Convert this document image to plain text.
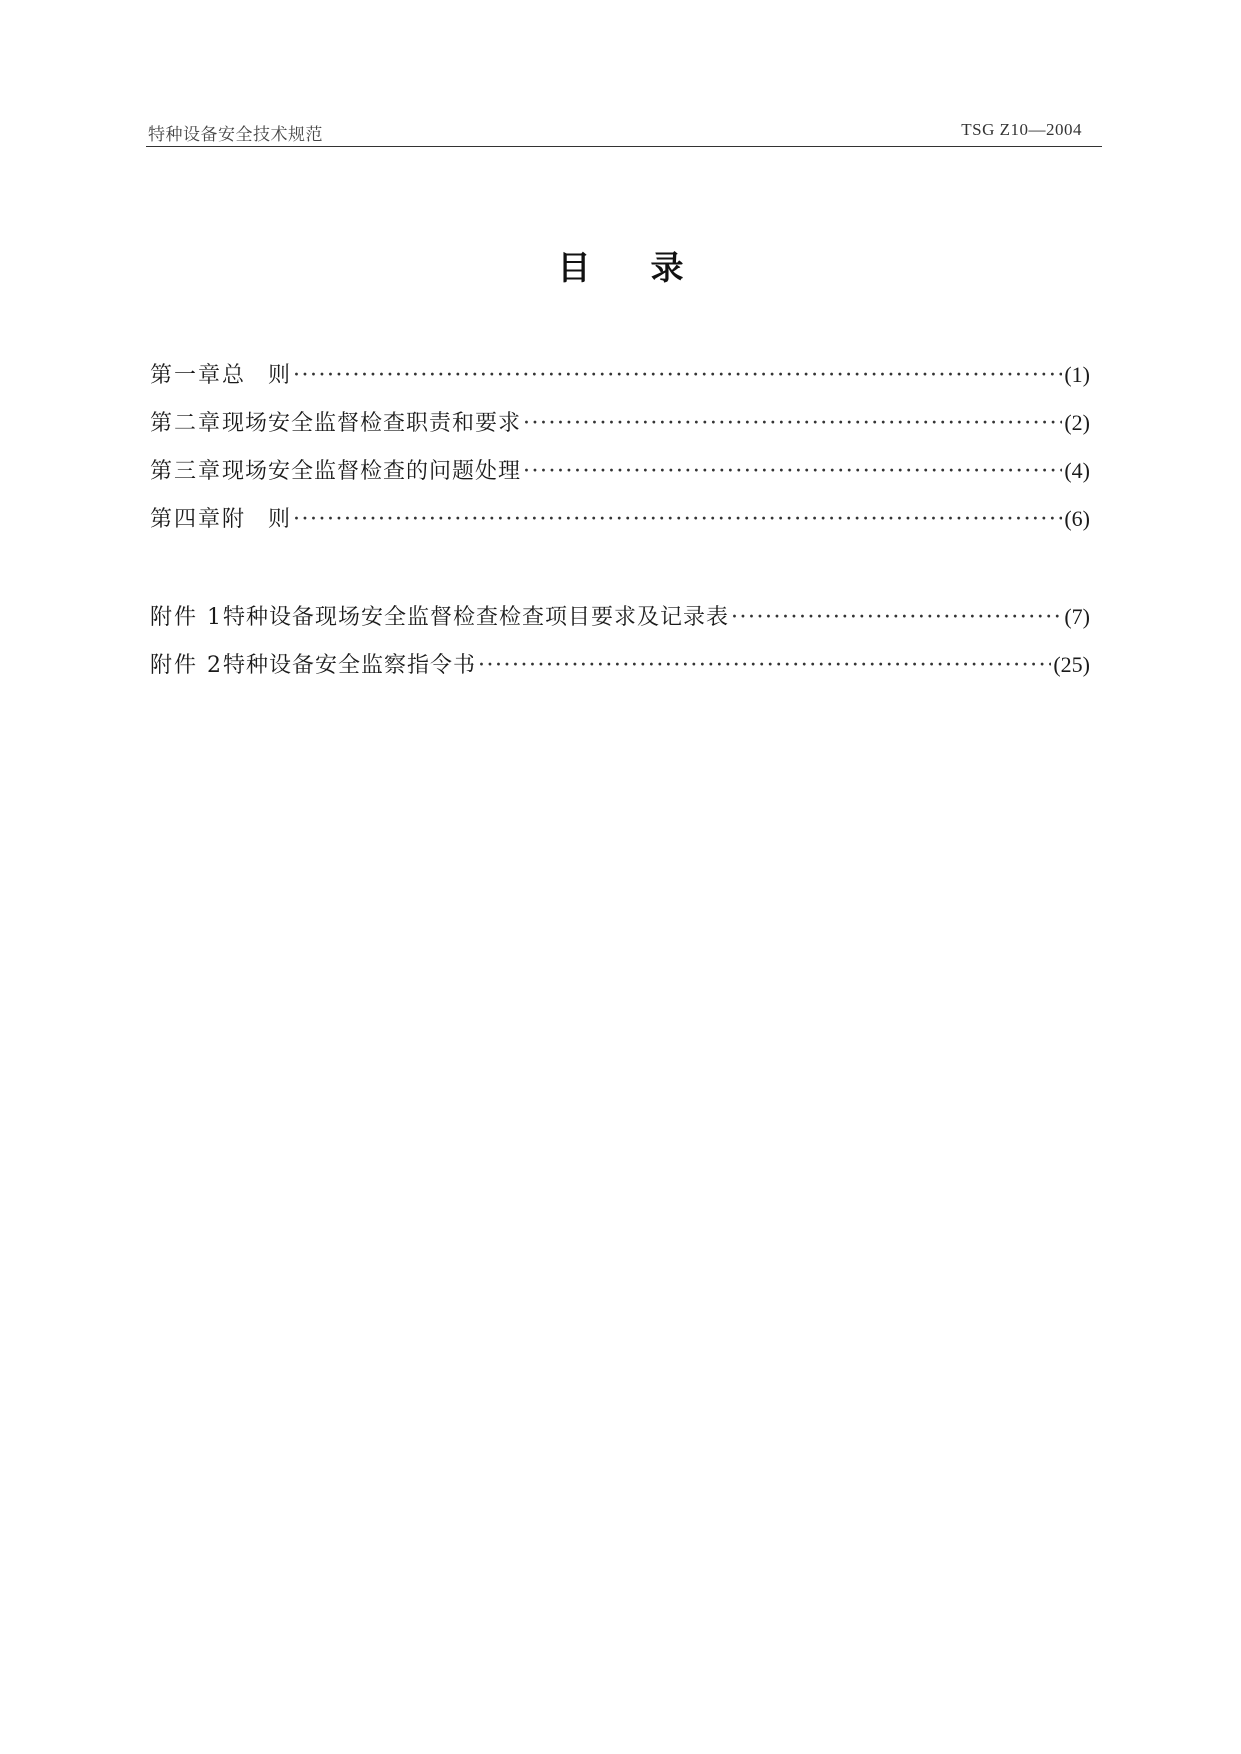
特种设备安全技术规范	TSG Z10—2004
目录
第一章 总　则 ·····	(1)
第二章 现场安全监督检查职责和要求 ·····	(2)
第三章 现场安全监督检查的问题处理 ·····	(4)
第四章 附　则 ·····	(6)
附件 1 特种设备现场安全监督检查检查项目要求及记录表 ·····	(7)
附件 2 特种设备安全监察指令书 ·····	(25)
